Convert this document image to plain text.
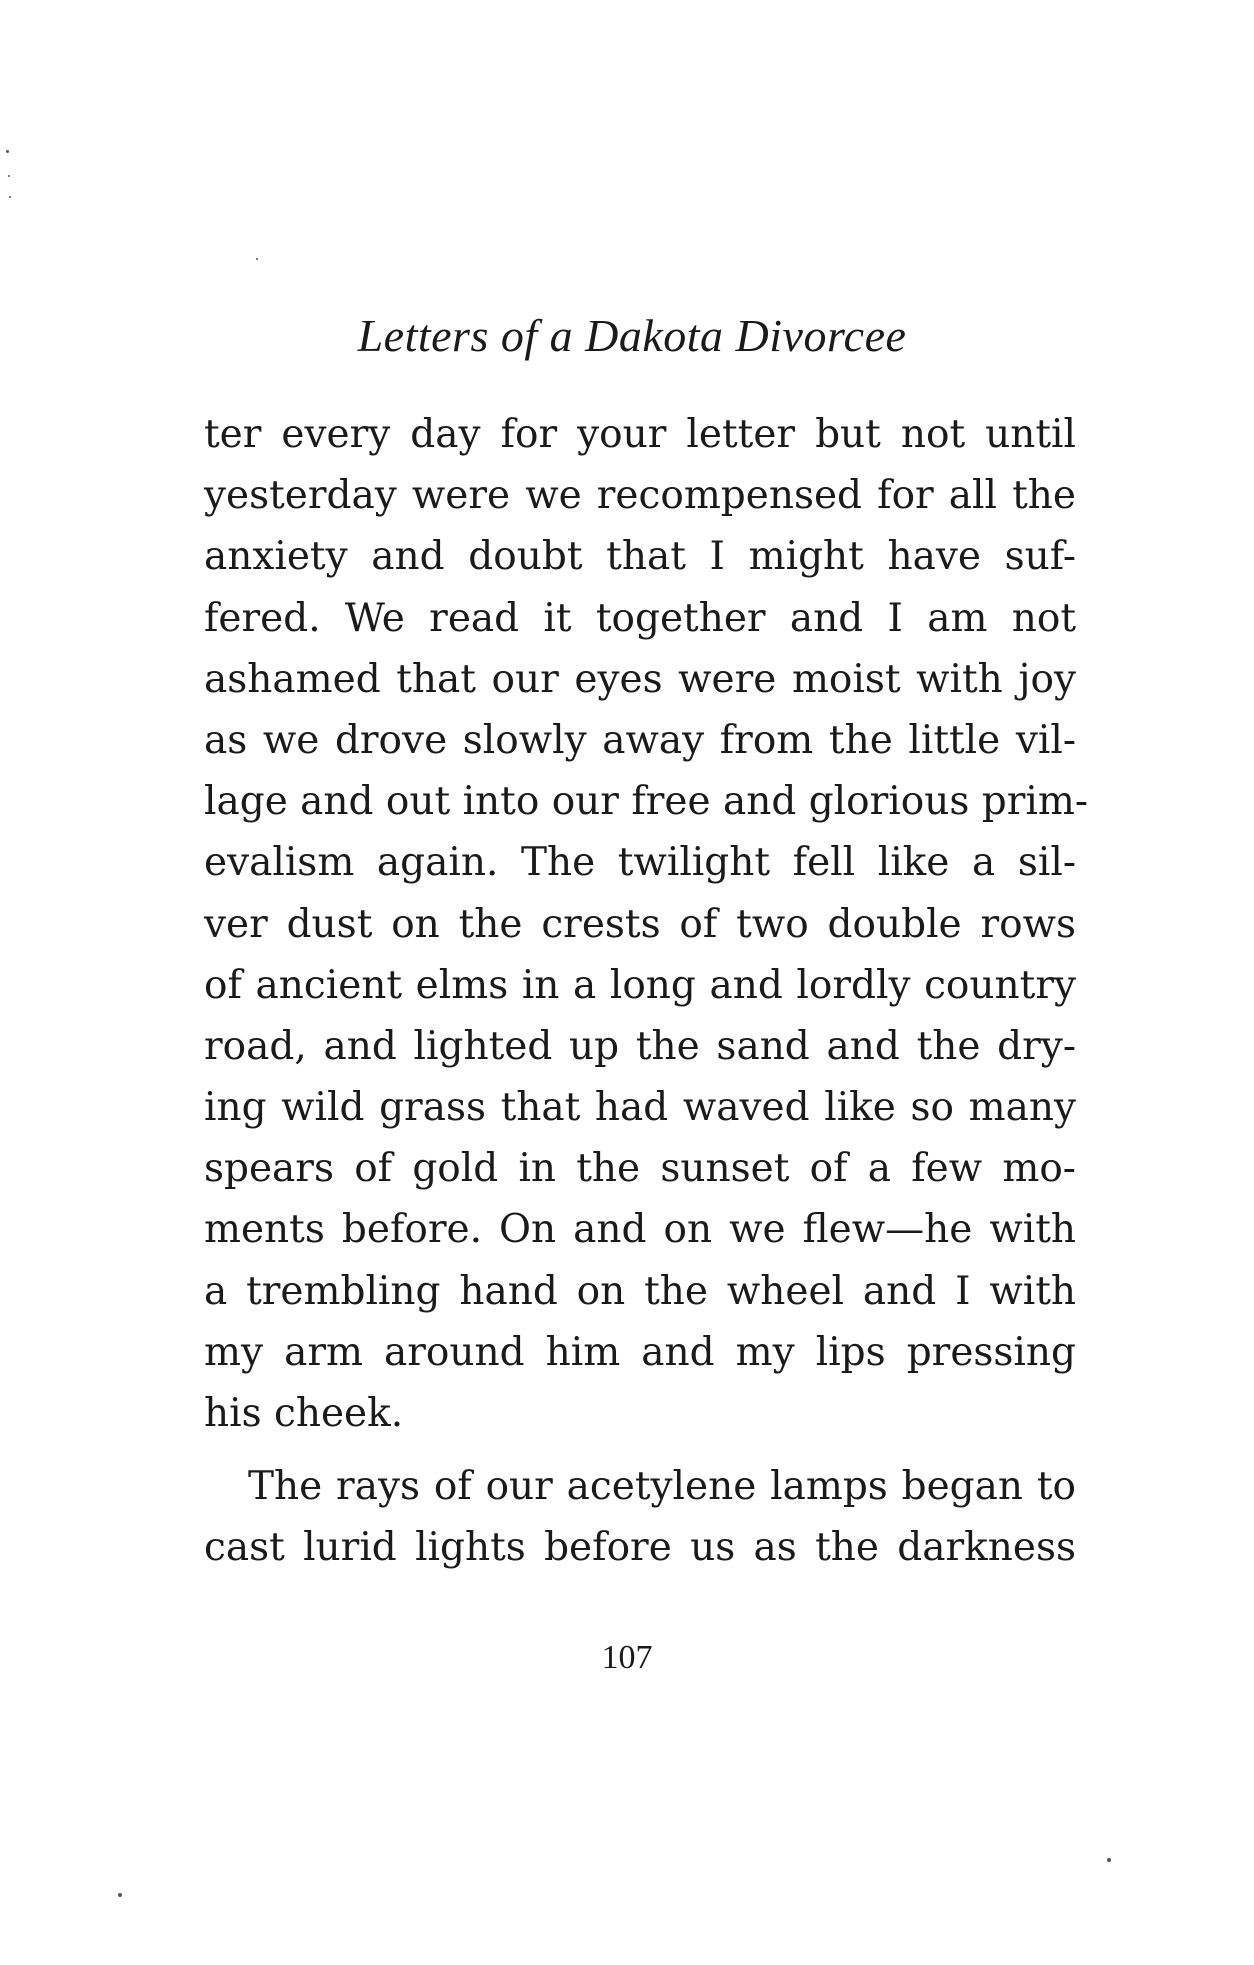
Letters of a Dakota Divorcee
ter every day for your letter but not until
yesterday were we recompensed for all the
anxiety and doubt that I might have suf-
fered. We read it together and I am not
ashamed that our eyes were moist with joy
as we drove slowly away from the little vil-
lage and out into our free and glorious prim-
evalism again. The twilight fell like a sil-
ver dust on the crests of two double rows
of ancient elms in a long and lordly country
road, and lighted up the sand and the dry-
ing wild grass that had waved like so many
spears of gold in the sunset of a few mo-
ments before. On and on we flew—he with
a trembling hand on the wheel and I with
my arm around him and my lips pressing
his cheek.
The rays of our acetylene lamps began to
cast lurid lights before us as the darkness
107
